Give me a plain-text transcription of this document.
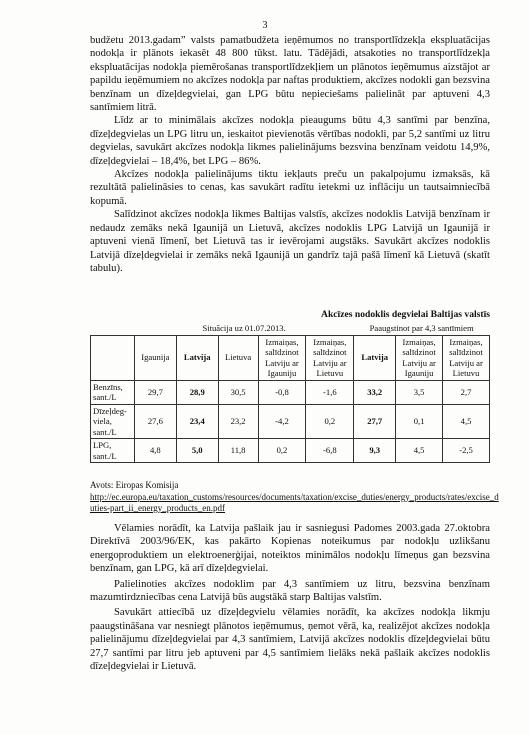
3

budžetu 2013.gadam” valsts pamatbudžeta ieņēmumos no transportlīdzekļa ekspluatācijas nodokļa ir plānots iekasēt 48 800 tūkst. latu. Tādējādi, atsakoties no transportlīdzekļa ekspluatācijas nodokļa piemērošanas transportlīdzekļiem un plānotos ieņēmumus aizstājot ar papildu ieņēmumiem no akcīzes nodokļa par naftas produktiem, akcīzes nodokli gan bezsvina benzīnam un dīzeļdegvielai, gan LPG būtu nepieciešams palielināt par aptuveni 4,3 santīmiem litrā.

Līdz ar to minimālais akcīzes nodokļa pieaugums būtu 4,3 santīmi par benzīna, dīzeļdegvielas un LPG litru un, ieskaitot pievienotās vērtības nodokli, par 5,2 santīmi uz litru degvielas, savukārt akcīzes nodokļa likmes palielinājums bezsvina benzīnam veidotu 14,9%, dīzeļdegvielai – 18,4%, bet LPG – 86%.

Akcīzes nodokļa palielinājums tiktu iekļauts preču un pakalpojumu izmaksās, kā rezultātā palielināsies to cenas, kas savukārt radītu ietekmi uz inflāciju un tautsaimniecībā kopumā.

Salīdzinot akcīzes nodokļa likmes Baltijas valstīs, akcīzes nodoklis Latvijā benzīnam ir nedaudz zemāks nekā Igaunijā un Lietuvā, akcīzes nodoklis LPG Latvijā un Igaunijā ir aptuveni vienā līmenī, bet Lietuvā tas ir ievērojami augstāks. Savukārt akcīzes nodoklis Latvijā dīzeļdegvielai ir zemāks nekā Igaunijā un gandrīz tajā pašā līmenī kā Lietuvā (skatīt tabulu).

Akcīzes nodoklis degvielai Baltijas valstīs
	Situācija uz 01.07.2013.					Paaugstinot par 4,3 santīmiem		
	Igaunija	Latvija	Lietuva	Izmaiņas, salīdzinot Latviju ar Igauniju	Izmaiņas, salīdzinot Latviju ar Lietuvu	Latvija	Izmaiņas, salīdzinot Latviju ar Igauniju	Izmaiņas, salīdzinot Latviju ar Lietuvu
Benzīns, sant./L	29,7	28,9	30,5	-0,8	-1,6	33,2	3,5	2,7
Dīzeļdeg-viela, sant./L	27,6	23,4	23,2	-4,2	0,2	27,7	0,1	4,5
LPG, sant./L	4,8	5,0	11,8	0,2	-6,8	9,3	4,5	-2,5
Avots: Eiropas Komisija
http://ec.europa.eu/taxation_customs/resources/documents/taxation/excise_duties/energy_products/rates/excise_duties-part_ii_energy_products_en.pdf

Vēlamies norādīt, ka Latvija pašlaik jau ir sasniegusi Padomes 2003.gada 27.oktobra Direktīvā 2003/96/EK, kas pakārto Kopienas noteikumus par nodokļu uzlikšanu energoproduktiem un elektroenerģijai, noteiktos minimālos nodokļu līmeņus gan bezsvina benzīnam, gan LPG, kā arī dīzeļdegvielai.

Palielinoties akcīzes nodoklim par 4,3 santīmiem uz litru, bezsvina benzīnam mazumtirdzniecības cena Latvijā būs augstākā starp Baltijas valstīm.

Savukārt attiecībā uz dīzeļdegvielu vēlamies norādīt, ka akcīzes nodokļa likmju paaugstināšana var nesniegt plānotos ieņēmumus, ņemot vērā, ka, realizējot akcīzes nodokļa palielinājumu dīzeļdegvielai par 4,3 santīmiem, Latvijā akcīzes nodoklis dīzeļdegvielai būtu 27,7 santīmi par litru jeb aptuveni par 4,5 santīmiem lielāks nekā pašlaik akcīzes nodoklis dīzeļdegvielai ir Lietuvā.
